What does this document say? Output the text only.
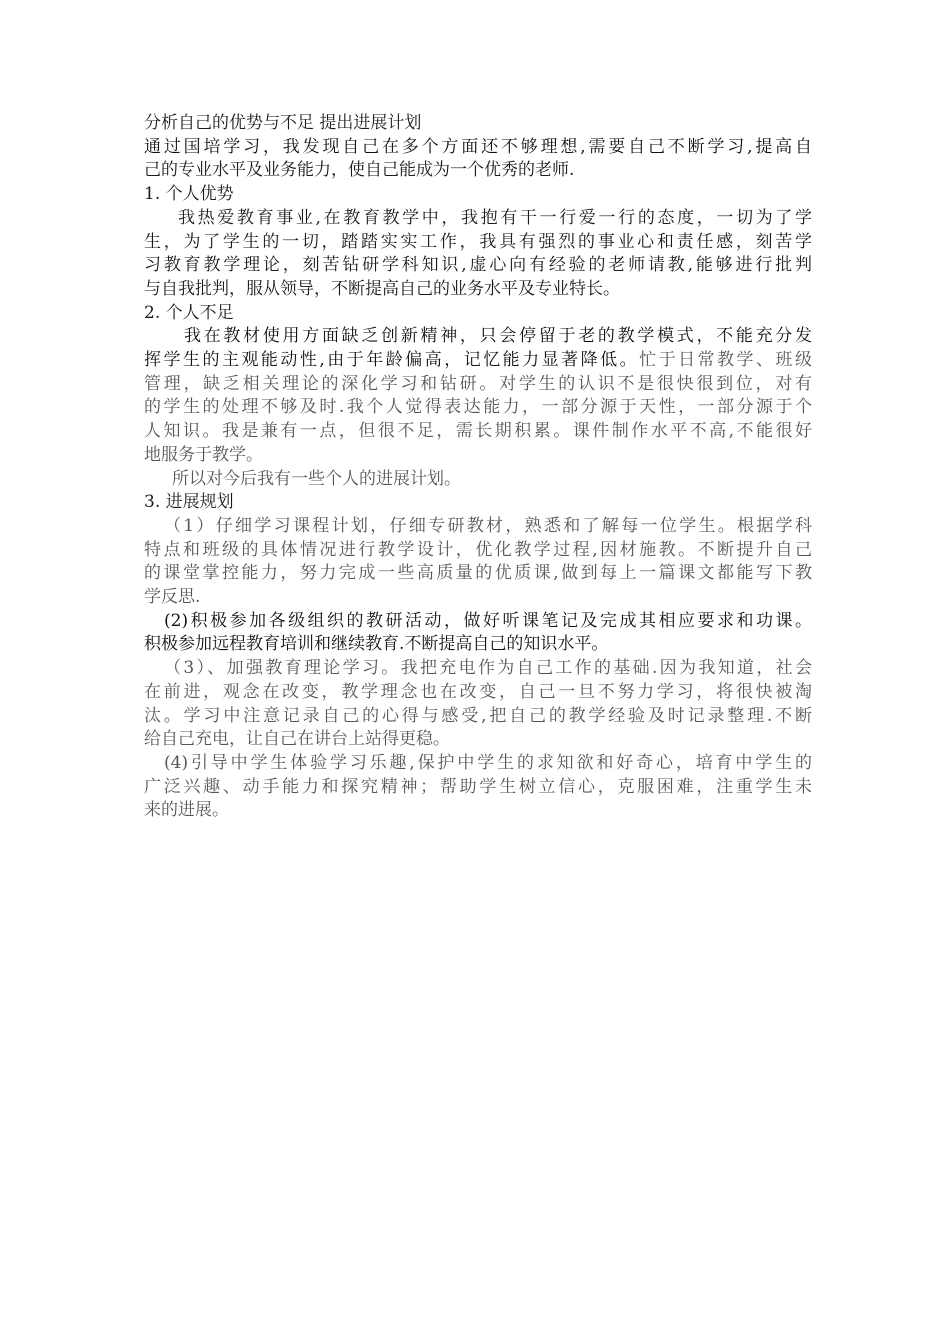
分析自己的优势与不足 提出进展计划
通过国培学习，我发现自己在多个方面还不够理想,需要自己不断学习,提高自
己的专业水平及业务能力，使自己能成为一个优秀的老师.
1. 个人优势
我热爱教育事业,在教育教学中，我抱有干一行爱一行的态度，一切为了学
生，为了学生的一切，踏踏实实工作，我具有强烈的事业心和责任感，刻苦学
习教育教学理论，刻苦钻研学科知识,虚心向有经验的老师请教,能够进行批判
与自我批判，服从领导，不断提高自己的业务水平及专业特长。
2. 个人不足
我在教材使用方面缺乏创新精神，只会停留于老的教学模式，不能充分发
挥学生的主观能动性,由于年龄偏高，记忆能力显著降低。忙于日常教学、班级
管理，缺乏相关理论的深化学习和钻研。对学生的认识不是很快很到位，对有
的学生的处理不够及时.我个人觉得表达能力，一部分源于天性，一部分源于个
人知识。我是兼有一点，但很不足，需长期积累。课件制作水平不高,不能很好
地服务于教学。
所以对今后我有一些个人的进展计划。
3. 进展规划
（1）仔细学习课程计划，仔细专研教材，熟悉和了解每一位学生。根据学科
特点和班级的具体情况进行教学设计，优化教学过程,因材施教。不断提升自己
的课堂掌控能力，努力完成一些高质量的优质课,做到每上一篇课文都能写下教
学反思.
(2)积极参加各级组织的教研活动，做好听课笔记及完成其相应要求和功课。
积极参加远程教育培训和继续教育.不断提高自己的知识水平。
（3）、加强教育理论学习。我把充电作为自己工作的基础.因为我知道，社会
在前进，观念在改变，教学理念也在改变，自己一旦不努力学习，将很快被淘
汰。学习中注意记录自己的心得与感受,把自己的教学经验及时记录整理.不断
给自己充电，让自己在讲台上站得更稳。
(4)引导中学生体验学习乐趣,保护中学生的求知欲和好奇心，培育中学生的
广泛兴趣、动手能力和探究精神；帮助学生树立信心，克服困难，注重学生未
来的进展。
